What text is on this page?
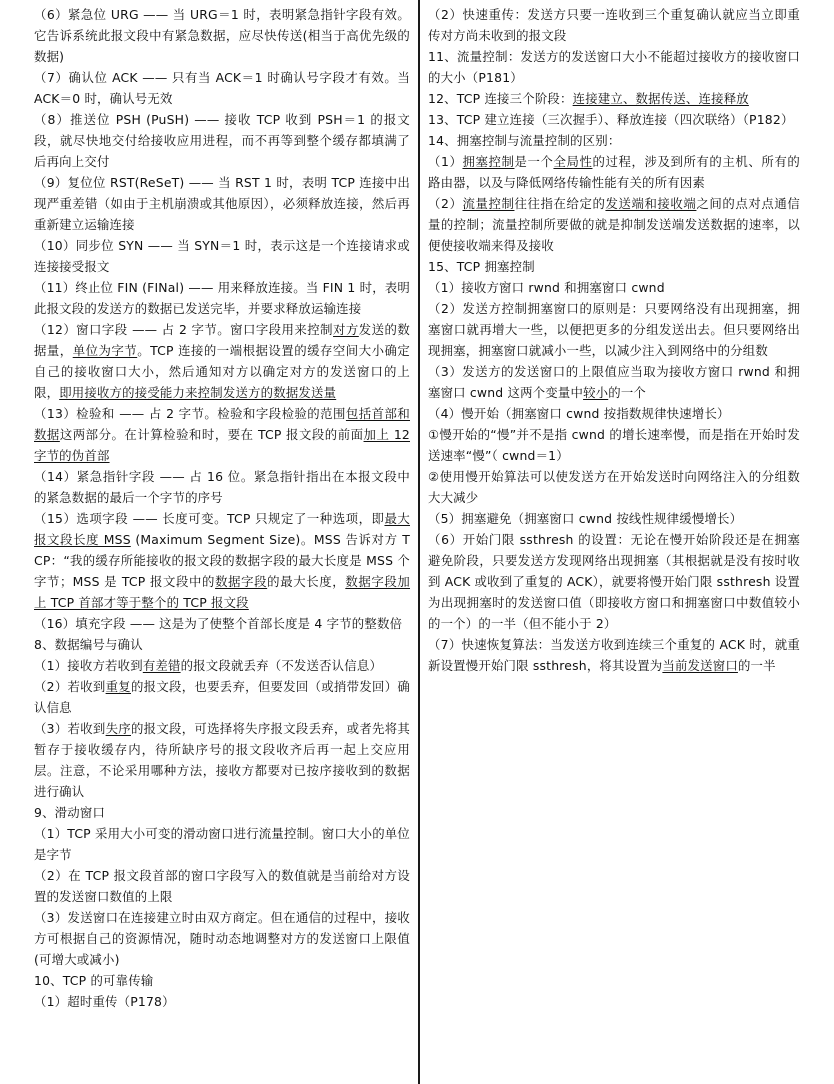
（6）紧急位 URG —— 当 URG＝1 时，表明紧急指针字段有效。它告诉系统此报文段中有紧急数据，应尽快传送(相当于高优先级的数据)

（7）确认位 ACK —— 只有当 ACK＝1 时确认号字段才有效。当 ACK＝0 时，确认号无效

（8）推送位 PSH (PuSH) —— 接收 TCP 收到 PSH＝1 的报文段，就尽快地交付给接收应用进程，而不再等到整个缓存都填满了后再向上交付

（9）复位位 RST(ReSeT) —— 当 RST 1 时，表明 TCP 连接中出现严重差错（如由于主机崩溃或其他原因），必须释放连接，然后再重新建立运输连接

（10）同步位 SYN —— 当 SYN＝1 时，表示这是一个连接请求或连接接受报文

（11）终止位 FIN (FINal) —— 用来释放连接。当 FIN 1 时，表明此报文段的发送方的数据已发送完毕，并要求释放运输连接

（12）窗口字段 —— 占 2 字节。窗口字段用来控制对方发送的数据量，单位为字节。TCP 连接的一端根据设置的缓存空间大小确定自己的接收窗口大小，然后通知对方以确定对方的发送窗口的上限，即用接收方的接受能力来控制发送方的数据发送量

（13）检验和 —— 占 2 字节。检验和字段检验的范围包括首部和数据这两部分。在计算检验和时，要在 TCP 报文段的前面加上 12 字节的伪首部

（14）紧急指针字段 —— 占 16 位。紧急指针指出在本报文段中的紧急数据的最后一个字节的序号

（15）选项字段 —— 长度可变。TCP 只规定了一种选项，即最大报文段长度 MSS (Maximum Segment Size)。MSS 告诉对方 TCP：“我的缓存所能接收的报文段的数据字段的最大长度是 MSS 个字节；MSS 是 TCP 报文段中的数据字段的最大长度，数据字段加上 TCP 首部才等于整个的 TCP 报文段

（16）填充字段 —— 这是为了使整个首部长度是 4 字节的整数倍

8、数据编号与确认

（1）接收方若收到有差错的报文段就丢弃（不发送否认信息）

（2）若收到重复的报文段，也要丢弃，但要发回（或捎带发回）确认信息

（3）若收到失序的报文段，可选择将失序报文段丢弃，或者先将其暂存于接收缓存内，待所缺序号的报文段收齐后再一起上交应用层。注意，不论采用哪种方法，接收方都要对已按序接收到的数据进行确认

9、滑动窗口

（1）TCP 采用大小可变的滑动窗口进行流量控制。窗口大小的单位是字节

（2）在 TCP 报文段首部的窗口字段写入的数值就是当前给对方设置的发送窗口数值的上限

（3）发送窗口在连接建立时由双方商定。但在通信的过程中，接收方可根据自己的资源情况，随时动态地调整对方的发送窗口上限值(可增大或减小)

10、TCP 的可靠传输

（1）超时重传（P178）

（2）快速重传：发送方只要一连收到三个重复确认就应当立即重传对方尚未收到的报文段

11、流量控制：发送方的发送窗口大小不能超过接收方的接收窗口的大小（P181）

12、TCP 连接三个阶段：连接建立、数据传送、连接释放

13、TCP 建立连接（三次握手）、释放连接（四次联络）（P182）

14、拥塞控制与流量控制的区别：

（1）拥塞控制是一个全局性的过程，涉及到所有的主机、所有的路由器，以及与降低网络传输性能有关的所有因素

（2）流量控制往往指在给定的发送端和接收端之间的点对点通信量的控制；流量控制所要做的就是抑制发送端发送数据的速率，以便使接收端来得及接收

15、TCP 拥塞控制

（1）接收方窗口 rwnd 和拥塞窗口 cwnd

（2）发送方控制拥塞窗口的原则是：只要网络没有出现拥塞，拥塞窗口就再增大一些，以便把更多的分组发送出去。但只要网络出现拥塞，拥塞窗口就减小一些，以减少注入到网络中的分组数

（3）发送方的发送窗口的上限值应当取为接收方窗口 rwnd 和拥塞窗口 cwnd 这两个变量中较小的一个

（4）慢开始（拥塞窗口 cwnd 按指数规律快速增长）

①慢开始的“慢”并不是指 cwnd 的增长速率慢，而是指在开始时发送速率“慢”（ cwnd＝1）

②使用慢开始算法可以使发送方在开始发送时向网络注入的分组数大大减少

（5）拥塞避免（拥塞窗口 cwnd 按线性规律缓慢增长）

（6）开始门限 ssthresh 的设置：无论在慢开始阶段还是在拥塞避免阶段，只要发送方发现网络出现拥塞（其根据就是没有按时收到 ACK 或收到了重复的 ACK），就要将慢开始门限 ssthresh 设置为出现拥塞时的发送窗口值（即接收方窗口和拥塞窗口中数值较小的一个）的一半（但不能小于 2）

（7）快速恢复算法：当发送方收到连续三个重复的 ACK 时，就重新设置慢开始门限 ssthresh，将其设置为当前发送窗口的一半
